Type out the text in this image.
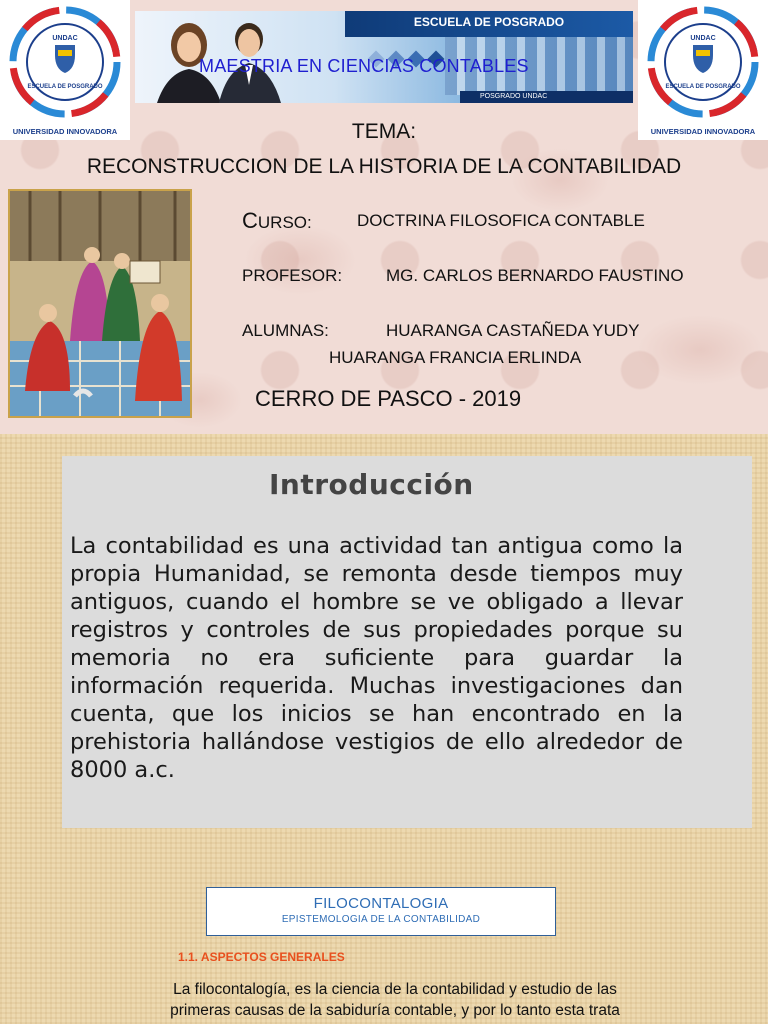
UNDAC
ESCUELA DE POSGRADO
UNIVERSIDAD INNOVADORA
ESCUELA DE POSGRADO
MAESTRIA EN CIENCIAS CONTABLES
POSGRADO UNDAC
UNDAC
ESCUELA DE POSGRADO
UNIVERSIDAD INNOVADORA
TEMA:
RECONSTRUCCION DE LA HISTORIA DE LA CONTABILIDAD
CURSO:	DOCTRINA FILOSOFICA CONTABLE
PROFESOR:	MG. CARLOS BERNARDO FAUSTINO
ALUMNAS:	HUARANGA CASTAÑEDA YUDY
HUARANGA FRANCIA ERLINDA
CERRO DE PASCO - 2019
Introducción
La contabilidad es una actividad tan antigua como la propia Humanidad, se remonta desde tiempos muy antiguos, cuando el hombre se ve obligado a llevar registros y controles de sus propiedades porque su memoria no era suficiente para guardar la información requerida. Muchas investigaciones dan cuenta, que los inicios se han encontrado en la prehistoria hallándose vestigios de ello alrededor de 8000 a.c.
FILOCONTALOGIA
EPISTEMOLOGIA DE LA CONTABILIDAD
1.1. ASPECTOS GENERALES
La filocontalogía, es la ciencia de la contabilidad y estudio de las primeras causas de la sabiduría contable, y por lo tanto esta trata
